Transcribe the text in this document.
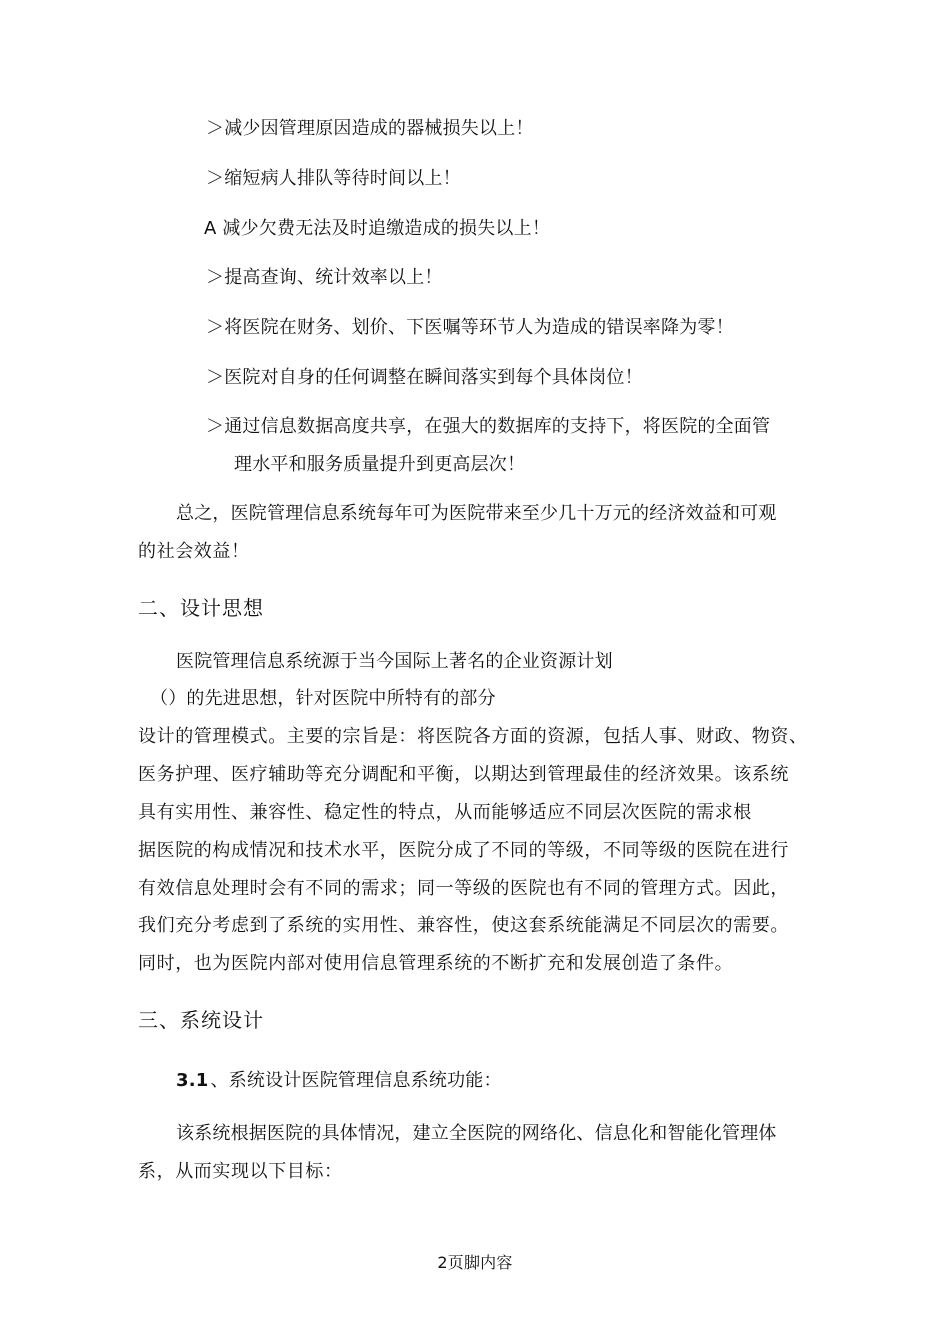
＞减少因管理原因造成的器械损失以上！
＞缩短病人排队等待时间以上！
A 减少欠费无法及时追缴造成的损失以上！
＞提高查询、统计效率以上！
＞将医院在财务、划价、下医嘱等环节人为造成的错误率降为零！
＞医院对自身的任何调整在瞬间落实到每个具体岗位！
＞通过信息数据高度共享，在强大的数据库的支持下，将医院的全面管
理水平和服务质量提升到更高层次！
总之，医院管理信息系统每年可为医院带来至少几十万元的经济效益和可观
的社会效益！
二、设计思想
医院管理信息系统源于当今国际上著名的企业资源计划
（）的先进思想，针对医院中所特有的部分
设计的管理模式。主要的宗旨是：将医院各方面的资源，包括人事、财政、物资、
医务护理、医疗辅助等充分调配和平衡，以期达到管理最佳的经济效果。该系统
具有实用性、兼容性、稳定性的特点，从而能够适应不同层次医院的需求根
据医院的构成情况和技术水平，医院分成了不同的等级，不同等级的医院在进行
有效信息处理时会有不同的需求；同一等级的医院也有不同的管理方式。因此，
我们充分考虑到了系统的实用性、兼容性，使这套系统能满足不同层次的需要。
同时，也为医院内部对使用信息管理系统的不断扩充和发展创造了条件。
三、系统设计
3.1 、系统设计医院管理信息系统功能：
该系统根据医院的具体情况，建立全医院的网络化、信息化和智能化管理体
系，从而实现以下目标：
2页脚内容
